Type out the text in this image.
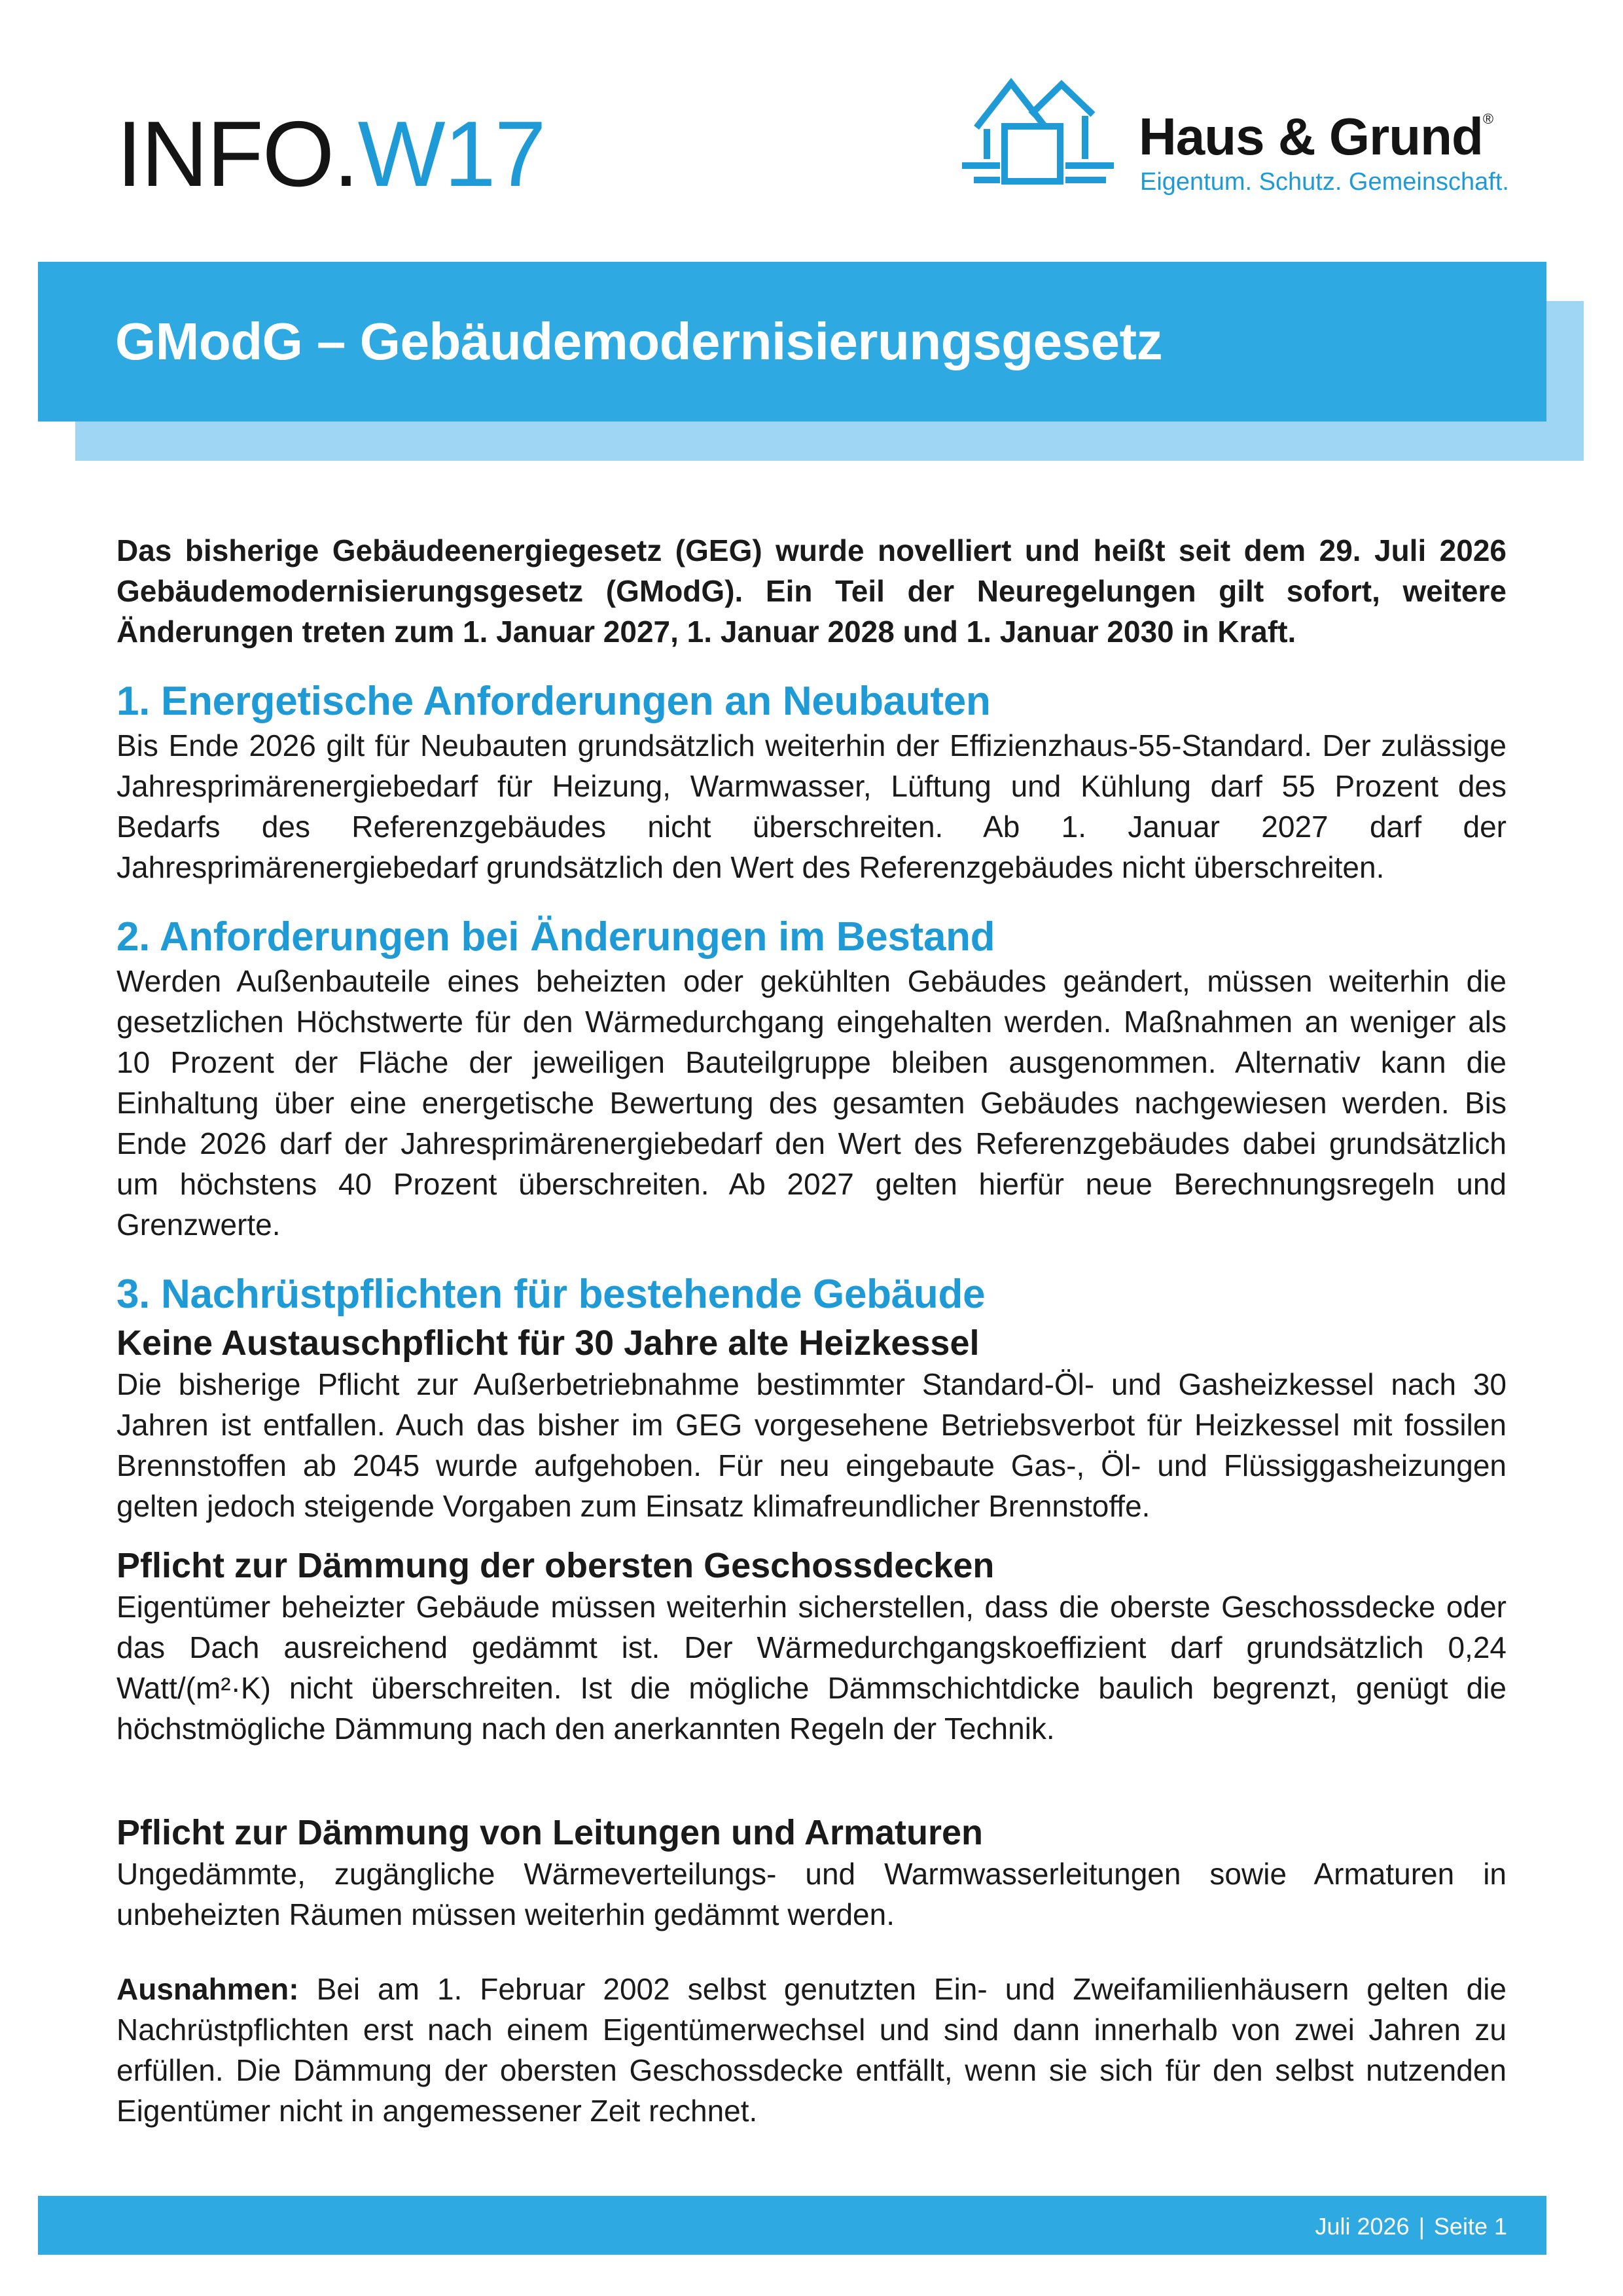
INFO.W17	Haus & Grund®
Eigentum. Schutz. Gemeinschaft.
GModG – Gebäudemodernisierungsgesetz

Das bisherige Gebäudeenergiegesetz (GEG) wurde novelliert und heißt seit dem 29. Juli 2026 Gebäudemodernisierungsgesetz (GModG). Ein Teil der Neuregelungen gilt sofort, weitere Änderungen treten zum 1. Januar 2027, 1. Januar 2028 und 1. Januar 2030 in Kraft.

1. Energetische Anforderungen an Neubauten

Bis Ende 2026 gilt für Neubauten grundsätzlich weiterhin der Effizienzhaus-55-Standard. Der zulässige Jahresprimärenergiebedarf für Heizung, Warmwasser, Lüftung und Kühlung darf 55 Prozent des Bedarfs des Referenzgebäudes nicht überschreiten. Ab 1. Januar 2027 darf der Jahresprimärenergiebedarf grundsätzlich den Wert des Referenzgebäudes nicht überschreiten.

2. Anforderungen bei Änderungen im Bestand

Werden Außenbauteile eines beheizten oder gekühlten Gebäudes geändert, müssen weiterhin die gesetzlichen Höchstwerte für den Wärmedurchgang eingehalten werden. Maßnahmen an weniger als 10 Prozent der Fläche der jeweiligen Bauteilgruppe bleiben ausgenommen. Alternativ kann die Einhaltung über eine energetische Bewertung des gesamten Gebäudes nachgewiesen werden. Bis Ende 2026 darf der Jahresprimärenergiebedarf den Wert des Referenzgebäudes dabei grundsätzlich um höchstens 40 Prozent überschreiten. Ab 2027 gelten hierfür neue Berechnungsregeln und Grenzwerte.

3. Nachrüstpflichten für bestehende Gebäude
Keine Austauschpflicht für 30 Jahre alte Heizkessel

Die bisherige Pflicht zur Außerbetriebnahme bestimmter Standard-Öl- und Gasheizkessel nach 30 Jahren ist entfallen. Auch das bisher im GEG vorgesehene Betriebsverbot für Heizkessel mit fossilen Brennstoffen ab 2045 wurde aufgehoben. Für neu eingebaute Gas-, Öl- und Flüssiggasheizungen gelten jedoch steigende Vorgaben zum Einsatz klimafreundlicher Brennstoffe.

Pflicht zur Dämmung der obersten Geschossdecken

Eigentümer beheizter Gebäude müssen weiterhin sicherstellen, dass die oberste Geschossdecke oder das Dach ausreichend gedämmt ist. Der Wärmedurchgangskoeffizient darf grundsätzlich 0,24 Watt/(m²·K) nicht überschreiten. Ist die mögliche Dämmschichtdicke baulich begrenzt, genügt die höchstmögliche Dämmung nach den anerkannten Regeln der Technik.

Pflicht zur Dämmung von Leitungen und Armaturen

Ungedämmte, zugängliche Wärmeverteilungs- und Warmwasserleitungen sowie Armaturen in unbeheizten Räumen müssen weiterhin gedämmt werden.

Ausnahmen: Bei am 1. Februar 2002 selbst genutzten Ein- und Zweifamilienhäusern gelten die Nachrüstpflichten erst nach einem Eigentümerwechsel und sind dann innerhalb von zwei Jahren zu erfüllen. Die Dämmung der obersten Geschossdecke entfällt, wenn sie sich für den selbst nutzenden Eigentümer nicht in angemessener Zeit rechnet.

Juli 2026 | Seite 1
